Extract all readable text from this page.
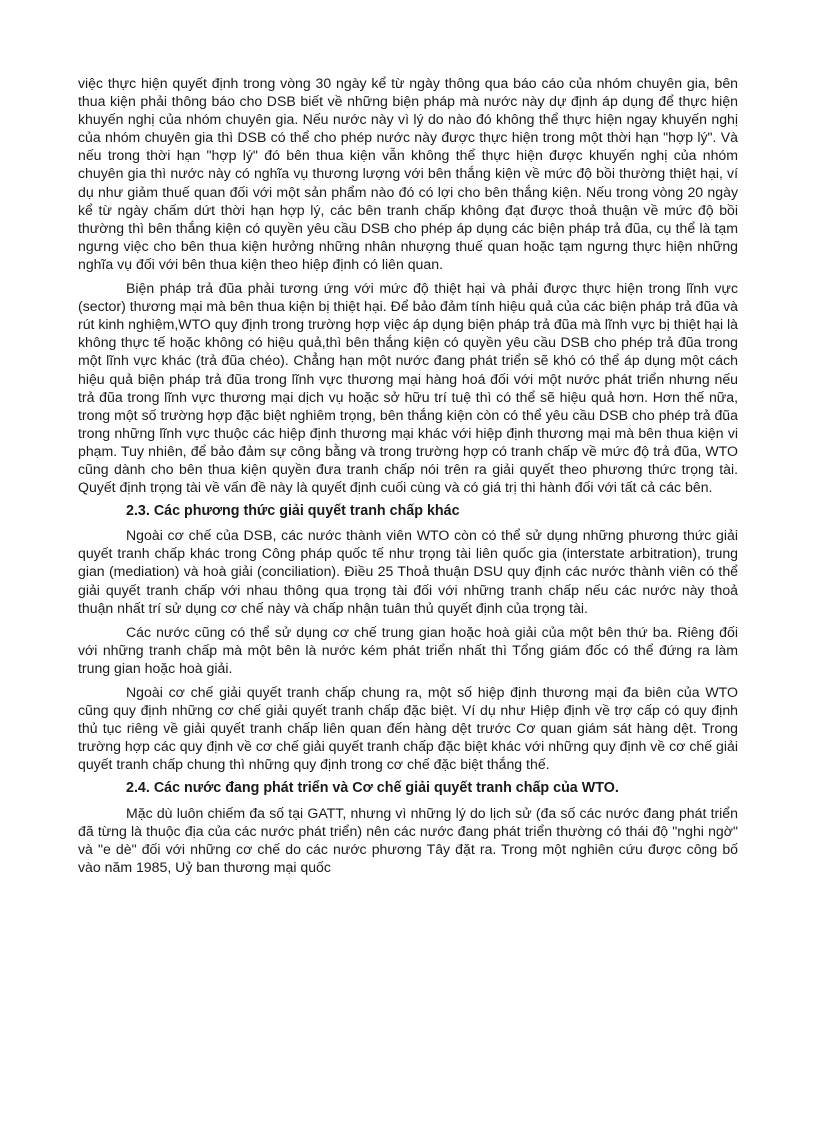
việc thực hiện quyết định trong vòng 30 ngày kể từ ngày thông qua báo cáo của nhóm chuyên gia, bên thua kiện phải thông báo cho DSB biết về những biện pháp mà nước này dự định áp dụng để thực hiện khuyến nghị của nhóm chuyên gia. Nếu nước này vì lý do nào đó không thể thực hiện ngay khuyến nghị của nhóm chuyên gia thì DSB có thể cho phép nước này được thực hiện trong một thời hạn "hợp lý". Và nếu trong thời hạn "hợp lý" đó bên thua kiện vẫn không thể thực hiện được khuyến nghị của nhóm chuyên gia thì nước này có nghĩa vụ thương lượng với bên thắng kiện về mức độ bồi thường thiệt hại, ví dụ như giảm thuế quan đối với một sản phẩm nào đó có lợi cho bên thắng kiện. Nếu trong vòng 20 ngày kể từ ngày chấm dứt thời hạn hợp lý, các bên tranh chấp không đạt được thoả thuận về mức độ bồi thường thì bên thắng kiện có quyền yêu cầu DSB cho phép áp dụng các biện pháp trả đũa, cụ thể là tạm ngưng việc cho bên thua kiện hưởng những nhân nhượng thuế quan hoặc tạm ngưng thực hiện những nghĩa vụ đối với bên thua kiện theo hiệp định có liên quan.

Biện pháp trả đũa phải tương ứng với mức độ thiệt hại và phải được thực hiện trong lĩnh vực (sector) thương mại mà bên thua kiện bị thiệt hại. Để bảo đảm tính hiệu quả của các biện pháp trả đũa và rút kinh nghiệm,WTO quy định trong trường hợp việc áp dụng biện pháp trả đũa mà lĩnh vực bị thiệt hại là không thực tế hoặc không có hiệu quả,thì bên thắng kiện có quyền yêu cầu DSB cho phép trả đũa trong một lĩnh vực khác (trả đũa chéo). Chẳng hạn một nước đang phát triển sẽ khó có thể áp dụng một cách hiệu quả biện pháp trả đũa trong lĩnh vực thương mại hàng hoá đối với một nước phát triển nhưng nếu trả đũa trong lĩnh vực thương mại dịch vụ hoặc sở hữu trí tuệ thì có thể sẽ hiệu quả hơn. Hơn thế nữa, trong một số trường hợp đặc biệt nghiêm trọng, bên thắng kiện còn có thể yêu cầu DSB cho phép trả đũa trong những lĩnh vực thuộc các hiệp định thương mại khác với hiệp định thương mại mà bên thua kiện vi phạm. Tuy nhiên, để bảo đảm sự công bằng và trong trường hợp có tranh chấp về mức độ trả đũa, WTO cũng dành cho bên thua kiện quyền đưa tranh chấp nói trên ra giải quyết theo phương thức trọng tài. Quyết định trọng tài về vấn đề này là quyết định cuối cùng và có giá trị thi hành đối với tất cả các bên.

2.3. Các phương thức giải quyết tranh chấp khác

Ngoài cơ chế của DSB, các nước thành viên WTO còn có thể sử dụng những phương thức giải quyết tranh chấp khác trong Công pháp quốc tế như trọng tài liên quốc gia (interstate arbitration), trung gian (mediation) và hoà giải (conciliation). Điều 25 Thoả thuận DSU quy định các nước thành viên có thể giải quyết tranh chấp với nhau thông qua trọng tài đối với những tranh chấp nếu các nước này thoả thuận nhất trí sử dụng cơ chế này và chấp nhận tuân thủ quyết định của trọng tài.

Các nước cũng có thể sử dụng cơ chế trung gian hoặc hoà giải của một bên thứ ba. Riêng đối với những tranh chấp mà một bên là nước kém phát triển nhất thì Tổng giám đốc có thể đứng ra làm trung gian hoặc hoà giải.

Ngoài cơ chế giải quyết tranh chấp chung ra, một số hiệp định thương mại đa biên của WTO cũng quy định những cơ chế giải quyết tranh chấp đặc biệt. Ví dụ như Hiệp định về trợ cấp có quy định thủ tục riêng về giải quyết tranh chấp liên quan đến hàng dệt trước Cơ quan giám sát hàng dệt. Trong trường hợp các quy định về cơ chế giải quyết tranh chấp đặc biệt khác với những quy định về cơ chế giải quyết tranh chấp chung thì những quy định trong cơ chế đặc biệt thắng thế.

2.4. Các nước đang phát triển và Cơ chế giải quyết tranh chấp của WTO.

Mặc dù luôn chiếm đa số tại GATT, nhưng vì những lý do lịch sử (đa số các nước đang phát triển đã từng là thuộc địa của các nước phát triển) nên các nước đang phát triển thường có thái độ "nghi ngờ" và "e dè" đối với những cơ chế do các nước phương Tây đặt ra. Trong một nghiên cứu được công bố vào năm 1985, Uỷ ban thương mại quốc
